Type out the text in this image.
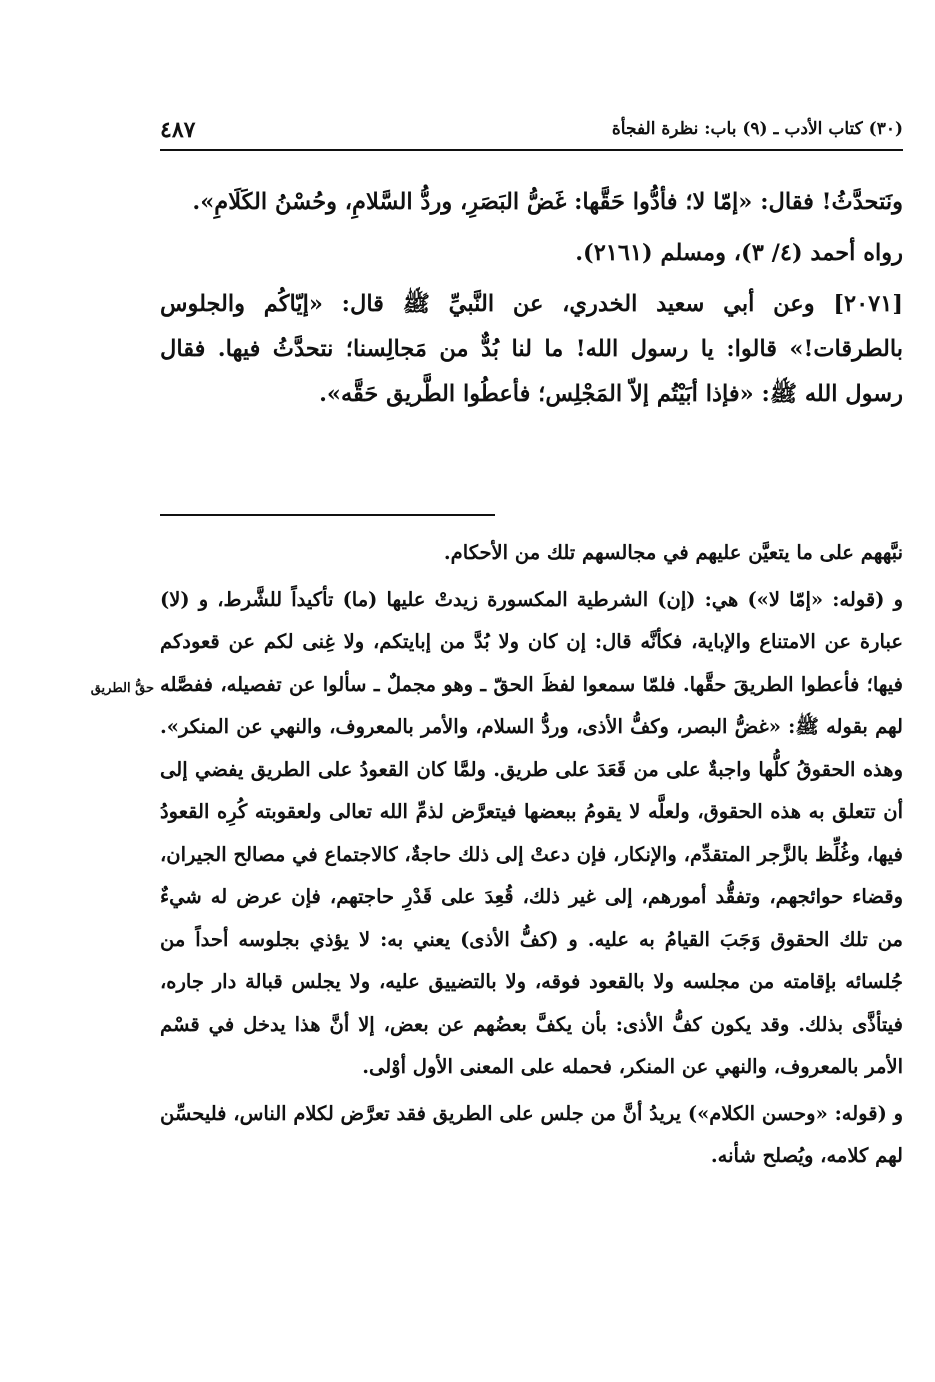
٤٨٧	(٣٠) كتاب الأدب ـ (٩) باب: نظرة الفجأة

ونَتحدَّثُ! فقال: «إمّا لا؛ فأدُّوا حَقَّها: غَضُّ البَصَرِ، وردُّ السَّلامِ، وحُسْنُ الكَلَامِ».

رواه أحمد (٤/ ٣)، ومسلم (٢١٦١).

[٢٠٧١] وعن أبي سعيد الخدري، عن النَّبيِّ ﷺ قال: «إيّاكُم والجلوس بالطرقات!» قالوا: يا رسول الله! ما لنا بُدٌّ من مَجالِسنا؛ نتحدَّثُ فيها. فقال رسول الله ﷺ: «فإذا أبَيْتُم إلاّ المَجْلِس؛ فأعطُوا الطَّريق حَقَّه».

نبَّههم على ما يتعيَّن عليهم في مجالسهم تلك من الأحكام.

و (قوله: «إمّا لا») هي: (إن) الشرطية المكسورة زيدتْ عليها (ما) تأكيداً للشَّرط، و (لا) عبارة عن الامتناع والإباية، فكأنَّه قال: إن كان ولا بُدَّ من إبايتكم، ولا غِنى لكم عن قعودكم فيها؛ فأعطوا الطريقَ حقَّها. فلمّا سمعوا لفظَ الحقّ ـ وهو مجملٌ ـ سألوا عن تفصيله، ففصَّله لهم بقوله ﷺ: «غضُّ البصر، وكفُّ الأذى، وردُّ السلام، والأمر بالمعروف، والنهي عن المنكر». وهذه الحقوقُ كلُّها واجبةٌ على من قَعَدَ على طريق. ولمَّا كان القعودُ على الطريق يفضي إلى أن تتعلق به هذه الحقوق، ولعلَّه لا يقومُ ببعضها فيتعرَّض لذمِّ الله تعالى ولعقوبته كُرِه القعودُ فيها، وغُلِّظ بالزَّجر المتقدِّم، والإنكار، فإن دعتْ إلى ذلك حاجةٌ، كالاجتماع في مصالح الجيران، وقضاء حوائجهم، وتفقُّد أمورهم، إلى غير ذلك، قُعِدَ على قَدْرِ حاجتهم، فإن عرض له شيءٌ من تلك الحقوق وَجَبَ القيامُ به عليه. و (كفُّ الأذى) يعني به: لا يؤذي بجلوسه أحداً من جُلسائه بإقامته من مجلسه ولا بالقعود فوقه، ولا بالتضييق عليه، ولا يجلس قبالة دار جاره، فيتأذَّى بذلك. وقد يكون كفُّ الأذى: بأن يكفَّ بعضُهم عن بعض، إلا أنَّ هذا يدخل في قسْم الأمر بالمعروف، والنهي عن المنكر، فحمله على المعنى الأول أوْلى.

و (قوله: «وحسن الكلام») يريدُ أنَّ من جلس على الطريق فقد تعرَّض لكلام الناس، فليحسِّن لهم كلامه، ويُصلح شأنه.

حقُّ الطريق
